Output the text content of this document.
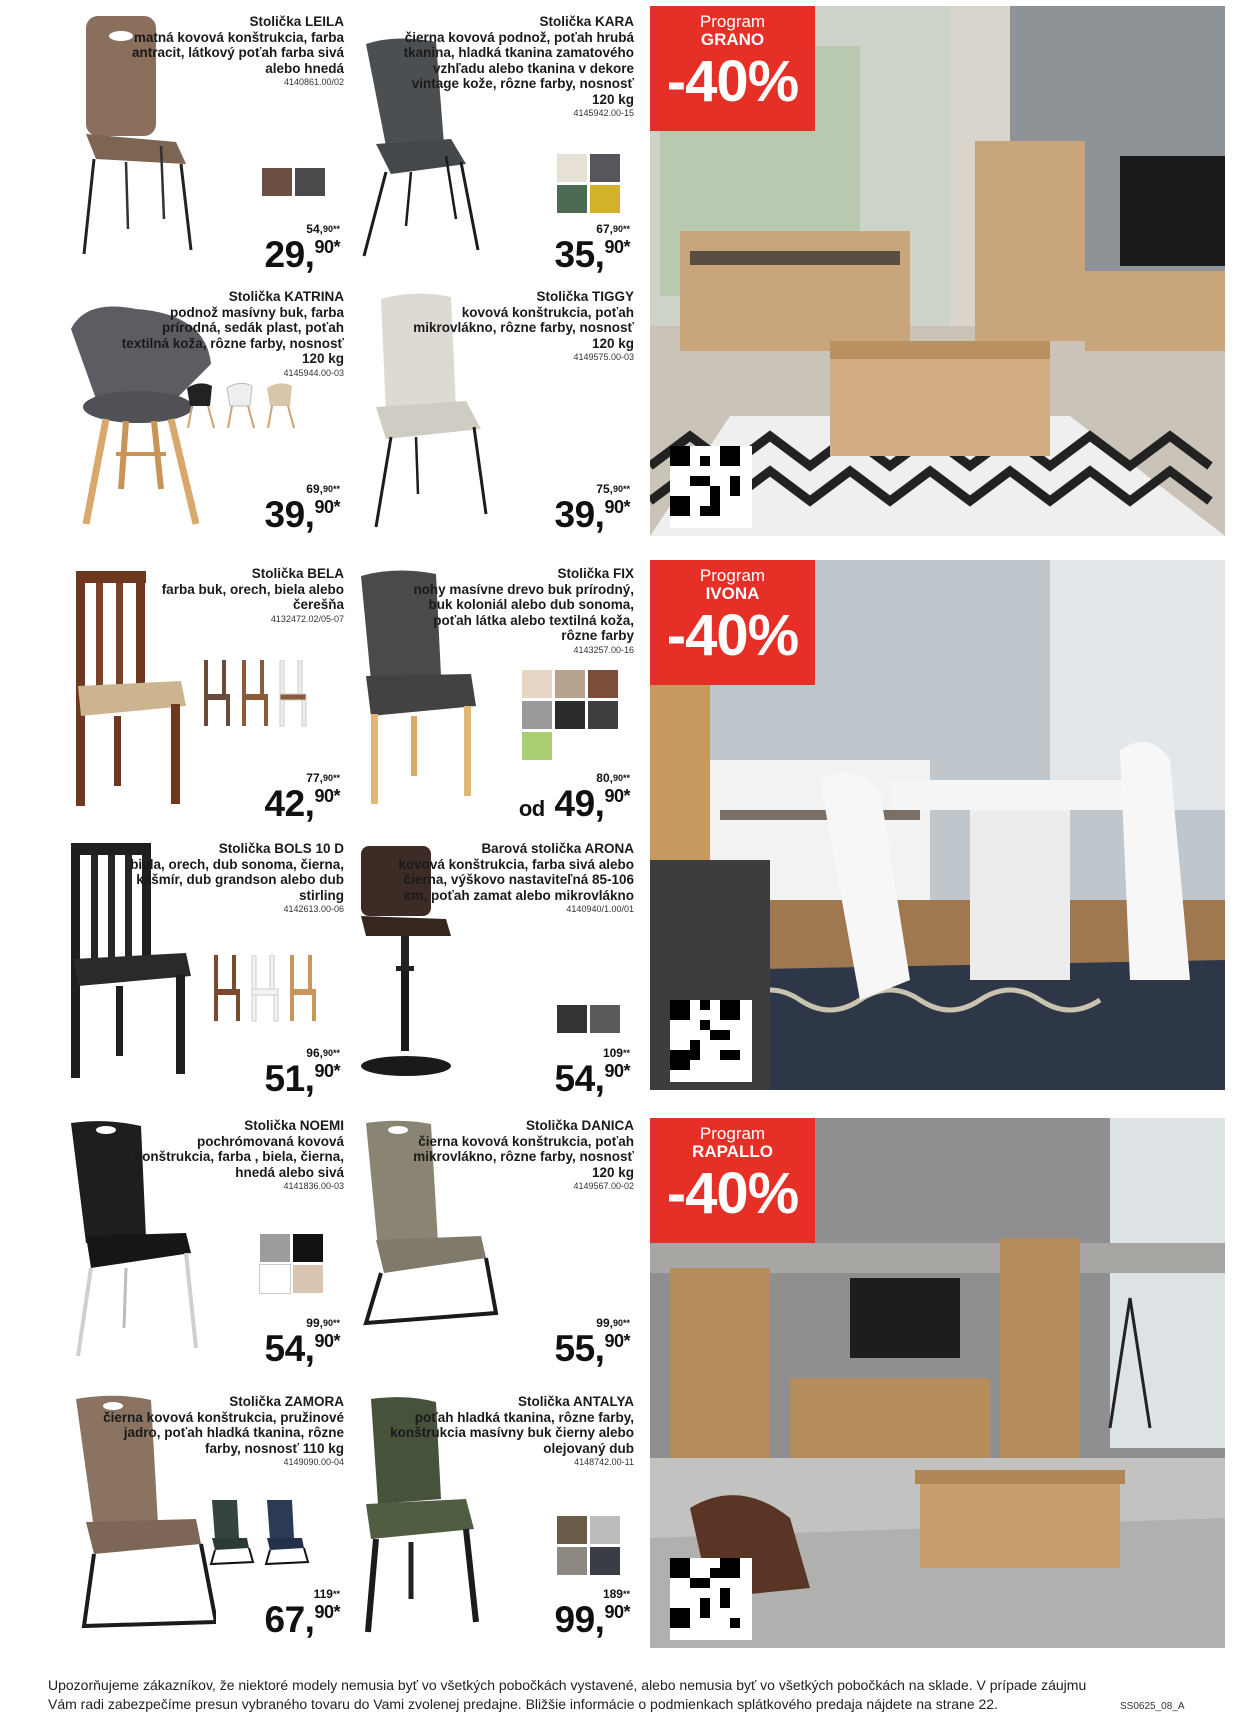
Stolička LEILA
matná kovová konštrukcia, farba antracit, látkový poťah farba sivá alebo hnedá
4140861.00/02
54,$^{90**}$
29,$^{90*}$
Stolička KARA
čierna kovová podnož, poťah hrubá tkanina, hladká tkanina zamatového vzhľadu alebo tkanina v dekore vintage kože, rôzne farby, nosnosť 120 kg
4145942.00-15
67,$^{90**}$
35,$^{90*}$
Stolička KATRINA
podnož masívny buk, farba prírodná, sedák plast, poťah textilná koža, rôzne farby, nosnosť 120 kg
4145944.00-03
69,$^{90**}$
39,$^{90*}$
Stolička TIGGY
kovová konštrukcia, poťah mikrovlákno, rôzne farby, nosnosť 120 kg
4149575.00-03
75,$^{90**}$
39,$^{90*}$
Stolička BELA
farba buk, orech, biela alebo čerešňa
4132472.02/05-07
77,$^{90**}$
42,$^{90*}$
Stolička FIX
nohy masívne drevo buk prírodný, buk koloniál alebo dub sonoma, poťah látka alebo textilná koža, rôzne farby
4143257.00-16
80,$^{90**}$
od 49,$^{90*}$
Stolička BOLS 10 D
biela, orech, dub sonoma, čierna, kašmír, dub grandson alebo dub stirling
4142613.00-06
96,$^{90**}$
51,$^{90*}$
Barová stolička ARONA
kovová konštrukcia, farba sivá alebo čierna, výškovo nastaviteľná 85-106 cm, poťah zamat alebo mikrovlákno
4140940/1.00/01
109**
54,$^{90*}$
Stolička NOEMI
pochrómovaná kovová konštrukcia, farba , biela, čierna, hnedá alebo sivá
4141836.00-03
99,$^{90**}$
54,$^{90*}$
Stolička DANICA
čierna kovová konštrukcia, poťah mikrovlákno, rôzne farby, nosnosť 120 kg
4149567.00-02
99,$^{90**}$
55,$^{90*}$
Stolička ZAMORA
čierna kovová konštrukcia, pružinové jadro, poťah hladká tkanina, rôzne farby, nosnosť 110 kg
4149090.00-04
119**
67,$^{90*}$
Stolička ANTALYA
poťah hladká tkanina, rôzne farby, konštrukcia masívny buk čierny alebo olejovaný dub
4148742.00-11
189**
99,$^{90*}$
Program
GRANO
-40%
Program
IVONA
-40%
Program
RAPALLO
-40%
Upozorňujeme zákazníkov, že niektoré modely nemusia byť vo všetkých pobočkách vystavené, alebo nemusia byť vo všetkých pobočkách na sklade. V prípade záujmu Vám radi zabezpečíme presun vybraného tovaru do Vami zvolenej predajne. Bližšie informácie o podmienkach splátkového predaja nájdete na strane 22.	SS0625_08_A
